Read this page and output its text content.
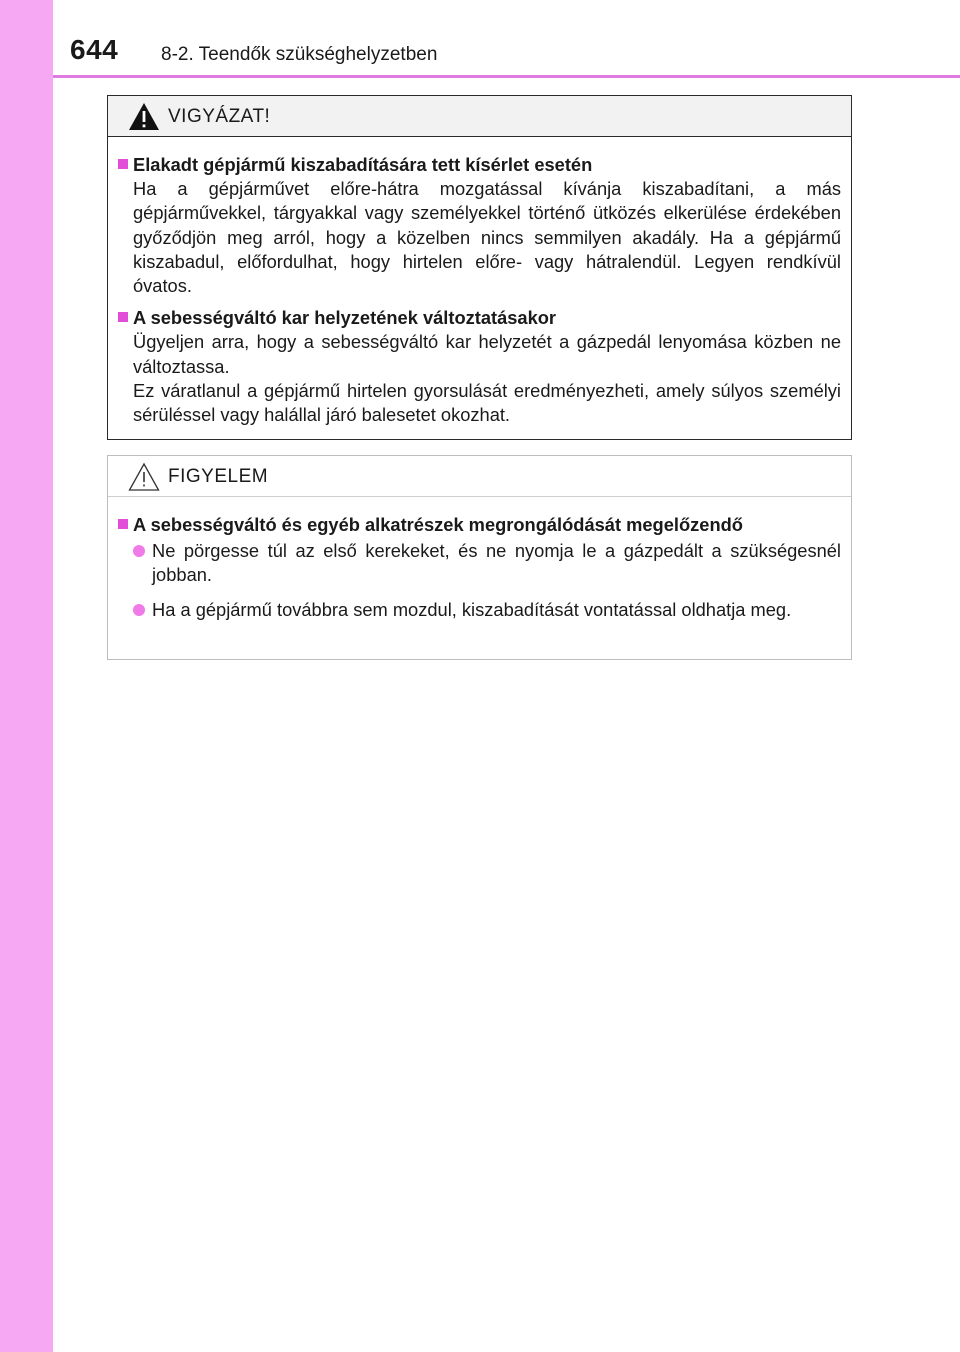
644 8-2. Teendők szükséghelyzetben
VIGYÁZAT!
Elakadt gépjármű kiszabadítására tett kísérlet esetén
Ha a gépjárművet előre-hátra mozgatással kívánja kiszabadítani, a más gépjárművekkel, tárgyakkal vagy személyekkel történő ütközés elkerülése érdekében győződjön meg arról, hogy a közelben nincs semmilyen akadály. Ha a gépjármű kiszabadul, előfordulhat, hogy hirtelen előre- vagy hátralendül. Legyen rendkívül óvatos.
A sebességváltó kar helyzetének változtatásakor
Ügyeljen arra, hogy a sebességváltó kar helyzetét a gázpedál lenyomása közben ne változtassa.
Ez váratlanul a gépjármű hirtelen gyorsulását eredményezheti, amely súlyos személyi sérüléssel vagy halállal járó balesetet okozhat.
FIGYELEM
A sebességváltó és egyéb alkatrészek megrongálódását megelőzendő
Ne pörgesse túl az első kerekeket, és ne nyomja le a gázpedált a szükségesnél jobban.
Ha a gépjármű továbbra sem mozdul, kiszabadítását vontatással oldhatja meg.
